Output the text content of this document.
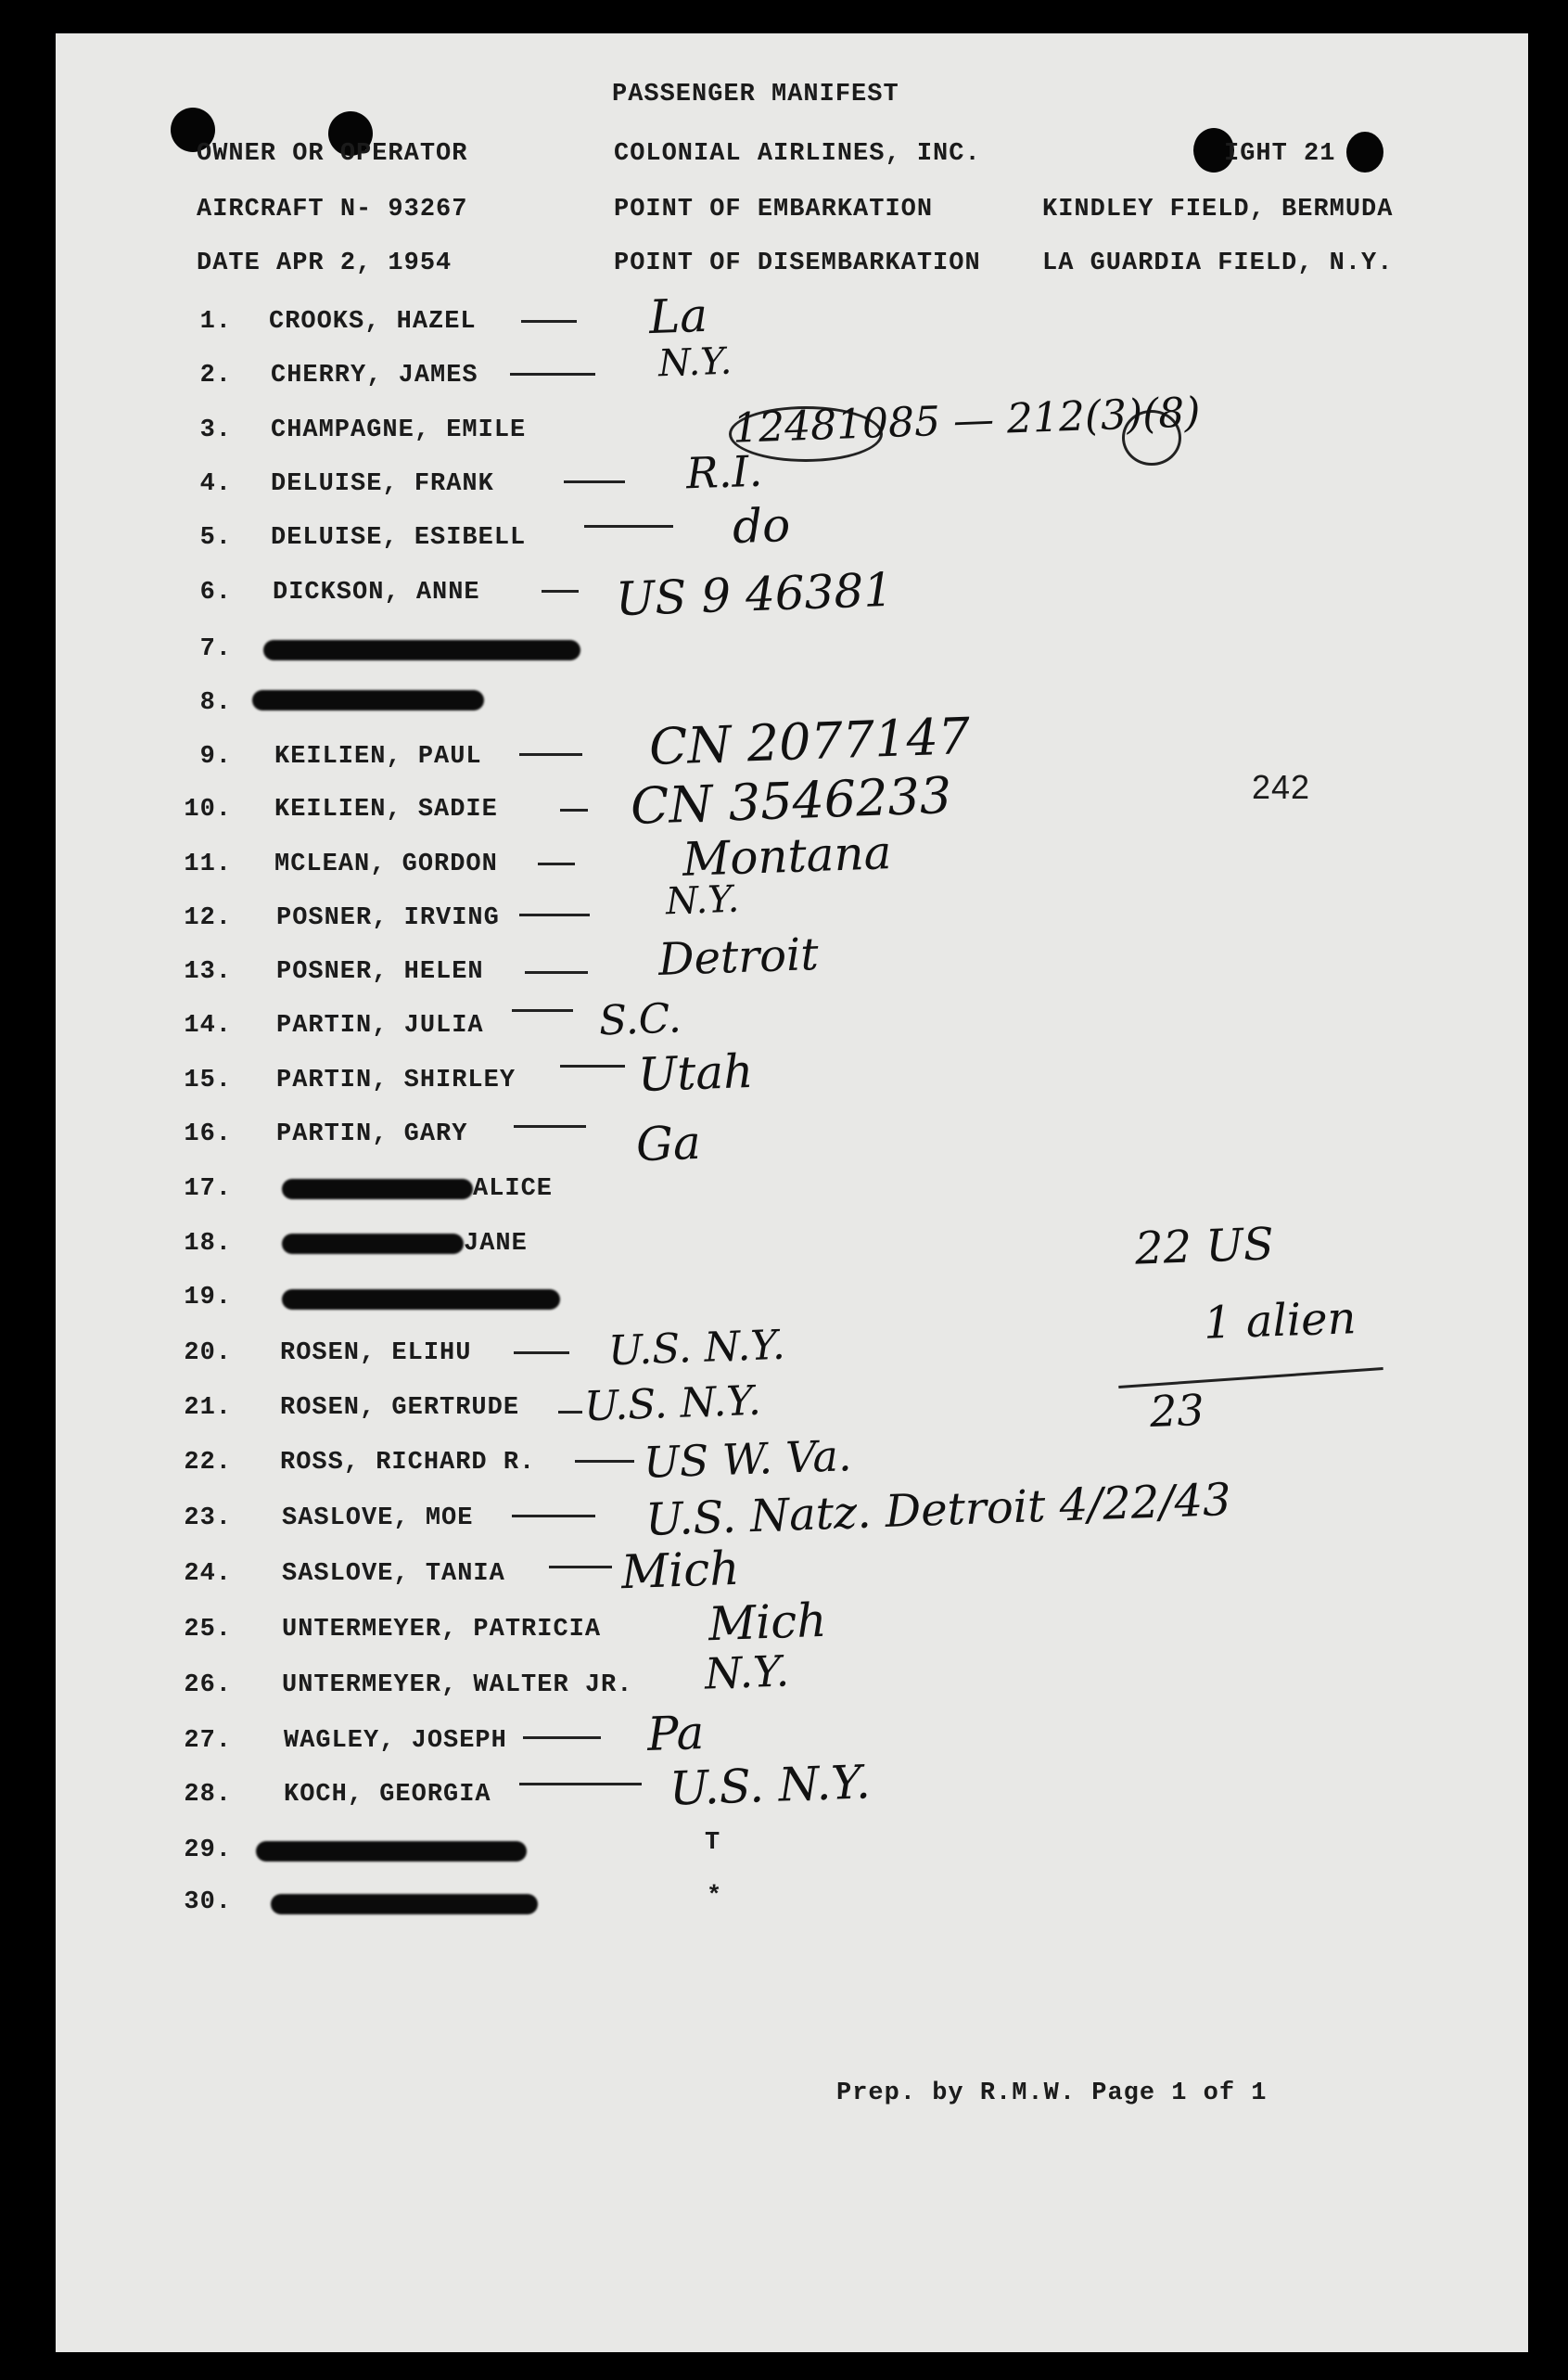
PASSENGER MANIFEST
OWNER OR OPERATOR	COLONIAL AIRLINES, INC.	IGHT 21
AIRCRAFT N- 93267	POINT OF EMBARKATION	KINDLEY FIELD, BERMUDA
DATE APR 2, 1954	POINT OF DISEMBARKATION LA GUARDIA FIELD, N.Y.
1. CROOKS, HAZEL	La
2. CHERRY, JAMES	N.Y.
3. CHAMPAGNE, EMILE	12481085 — 212(3)(8)
4. DELUISE, FRANK	R.I.
5. DELUISE, ESIBELL	do
6. DICKSON, ANNE	US 9 46381
7.
8.
9. KEILIEN, PAUL	CN 2077147
10. KEILIEN, SADIE	CN 3546233
11. MCLEAN, GORDON	Montana
12. POSNER, IRVING	N.Y.
13. POSNER, HELEN	Detroit
14. PARTIN, JULIA	S.C.
15. PARTIN, SHIRLEY	Utah
16. PARTIN, GARY	Ga
17.	ALICE
18.	JANE
19.
20. ROSEN, ELIHU	U.S. N.Y.
21. ROSEN, GERTRUDE U.S. N.Y.
22. ROSS, RICHARD R.	US W. Va.
23. SASLOVE, MOE	U.S. Natz. Detroit 4/22/43
24. SASLOVE, TANIA Mich
25. UNTERMEYER, PATRICIA Mich
26. UNTERMEYER, WALTER JR. N.Y.
27. WAGLEY, JOSEPH	Pa
28. KOCH, GEORGIA	U.S. N.Y.
29.	T
30.	*
242
22 US
1 alien
23
Prep. by R.M.W. Page 1 of 1
